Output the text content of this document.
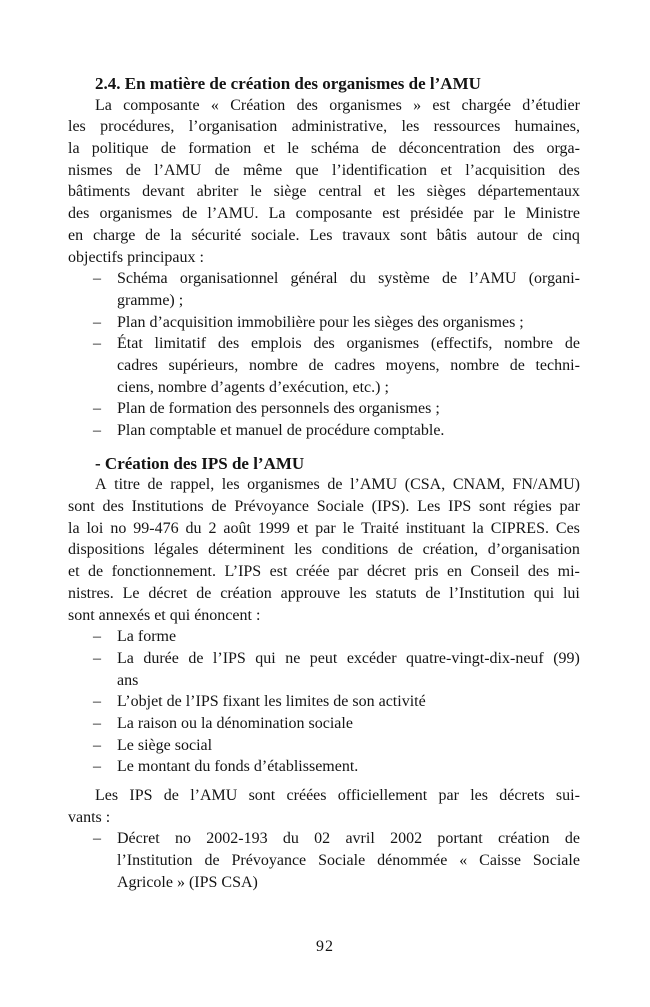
2.4. En matière de création des organismes de l’AMU
La composante « Création des organismes » est chargée d’étudier
les procédures, l’organisation administrative, les ressources humaines,
la politique de formation et le schéma de déconcentration des orga-
nismes de l’AMU de même que l’identification et l’acquisition des
bâtiments devant abriter le siège central et les sièges départementaux
des organismes de l’AMU. La composante est présidée par le Ministre
en charge de la sécurité sociale. Les travaux sont bâtis autour de cinq
objectifs principaux :
–	Schéma organisationnel général du système de l’AMU (organi-
gramme) ;
–	Plan d’acquisition immobilière pour les sièges des organismes ;
–	État limitatif des emplois des organismes (effectifs, nombre de
cadres supérieurs, nombre de cadres moyens, nombre de techni-
ciens, nombre d’agents d’exécution, etc.) ;
–	Plan de formation des personnels des organismes ;
–	Plan comptable et manuel de procédure comptable.
- Création des IPS de l’AMU
A titre de rappel, les organismes de l’AMU (CSA, CNAM, FN/AMU)
sont des Institutions de Prévoyance Sociale (IPS). Les IPS sont régies par
la loi no 99-476 du 2 août 1999 et par le Traité instituant la CIPRES. Ces
dispositions légales déterminent les conditions de création, d’organisation
et de fonctionnement. L’IPS est créée par décret pris en Conseil des mi-
nistres. Le décret de création approuve les statuts de l’Institution qui lui
sont annexés et qui énoncent :
–	La forme
–	La durée de l’IPS qui ne peut excéder quatre-vingt-dix-neuf (99)
ans
–	L’objet de l’IPS fixant les limites de son activité
–	La raison ou la dénomination sociale
–	Le siège social
–	Le montant du fonds d’établissement.
Les IPS de l’AMU sont créées officiellement par les décrets sui-
vants :
–	Décret no 2002-193 du 02 avril 2002 portant création de
l’Institution de Prévoyance Sociale dénommée « Caisse Sociale
Agricole » (IPS CSA)
92
